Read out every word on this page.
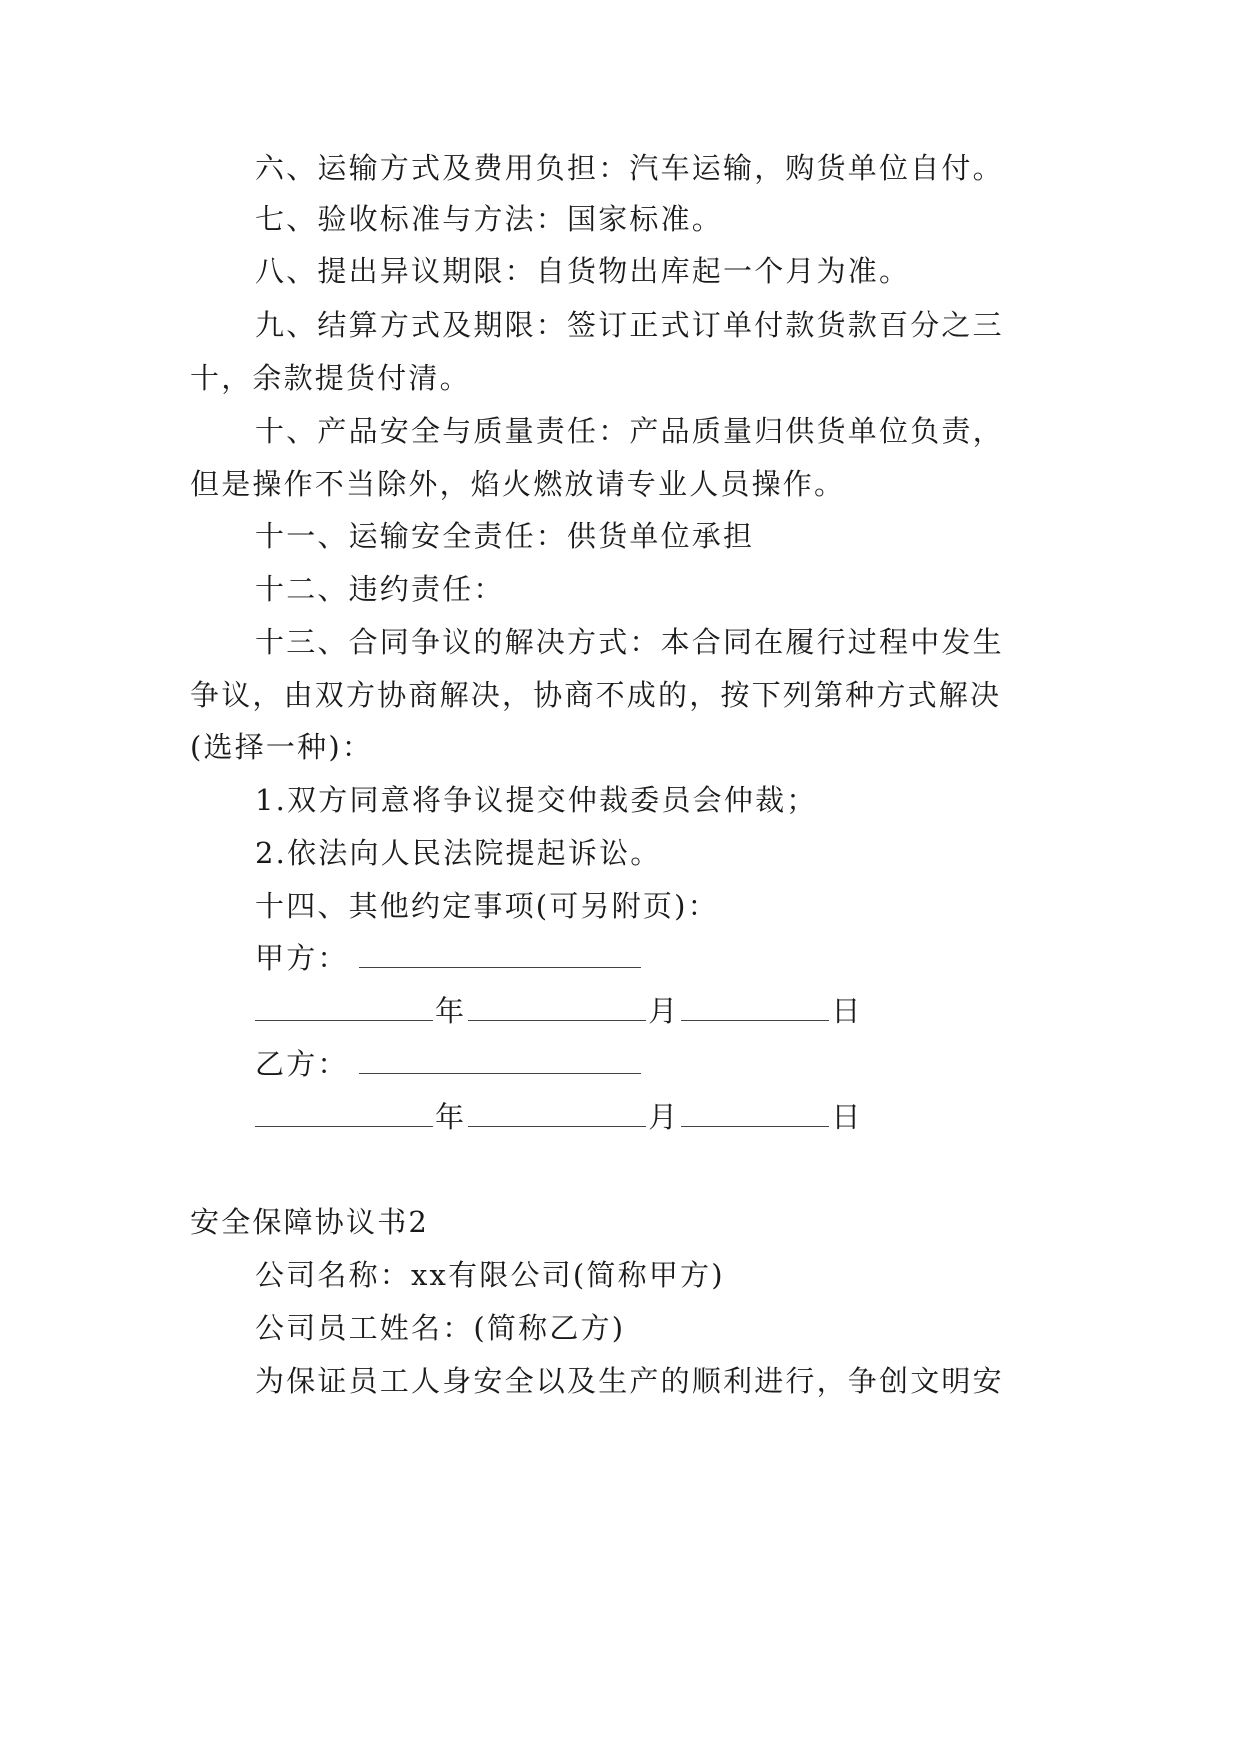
六、运输方式及费用负担：汽车运输，购货单位自付。
七、验收标准与方法：国家标准。
八、提出异议期限：自货物出库起一个月为准。
九、结算方式及期限：签订正式订单付款货款百分之三
十，余款提货付清。
十、产品安全与质量责任：产品质量归供货单位负责，
但是操作不当除外，焰火燃放请专业人员操作。
十一、运输安全责任：供货单位承担
十二、违约责任：
十三、合同争议的解决方式：本合同在履行过程中发生
争议，由双方协商解决，协商不成的，按下列第种方式解决
(选择一种)：
1.双方同意将争议提交仲裁委员会仲裁；
2.依法向人民法院提起诉讼。
十四、其他约定事项(可另附页)：
甲方：
年	月	日
乙方：
年	月	日
安全保障协议书2
公司名称：xx有限公司(简称甲方)
公司员工姓名：(简称乙方)
为保证员工人身安全以及生产的顺利进行，争创文明安
